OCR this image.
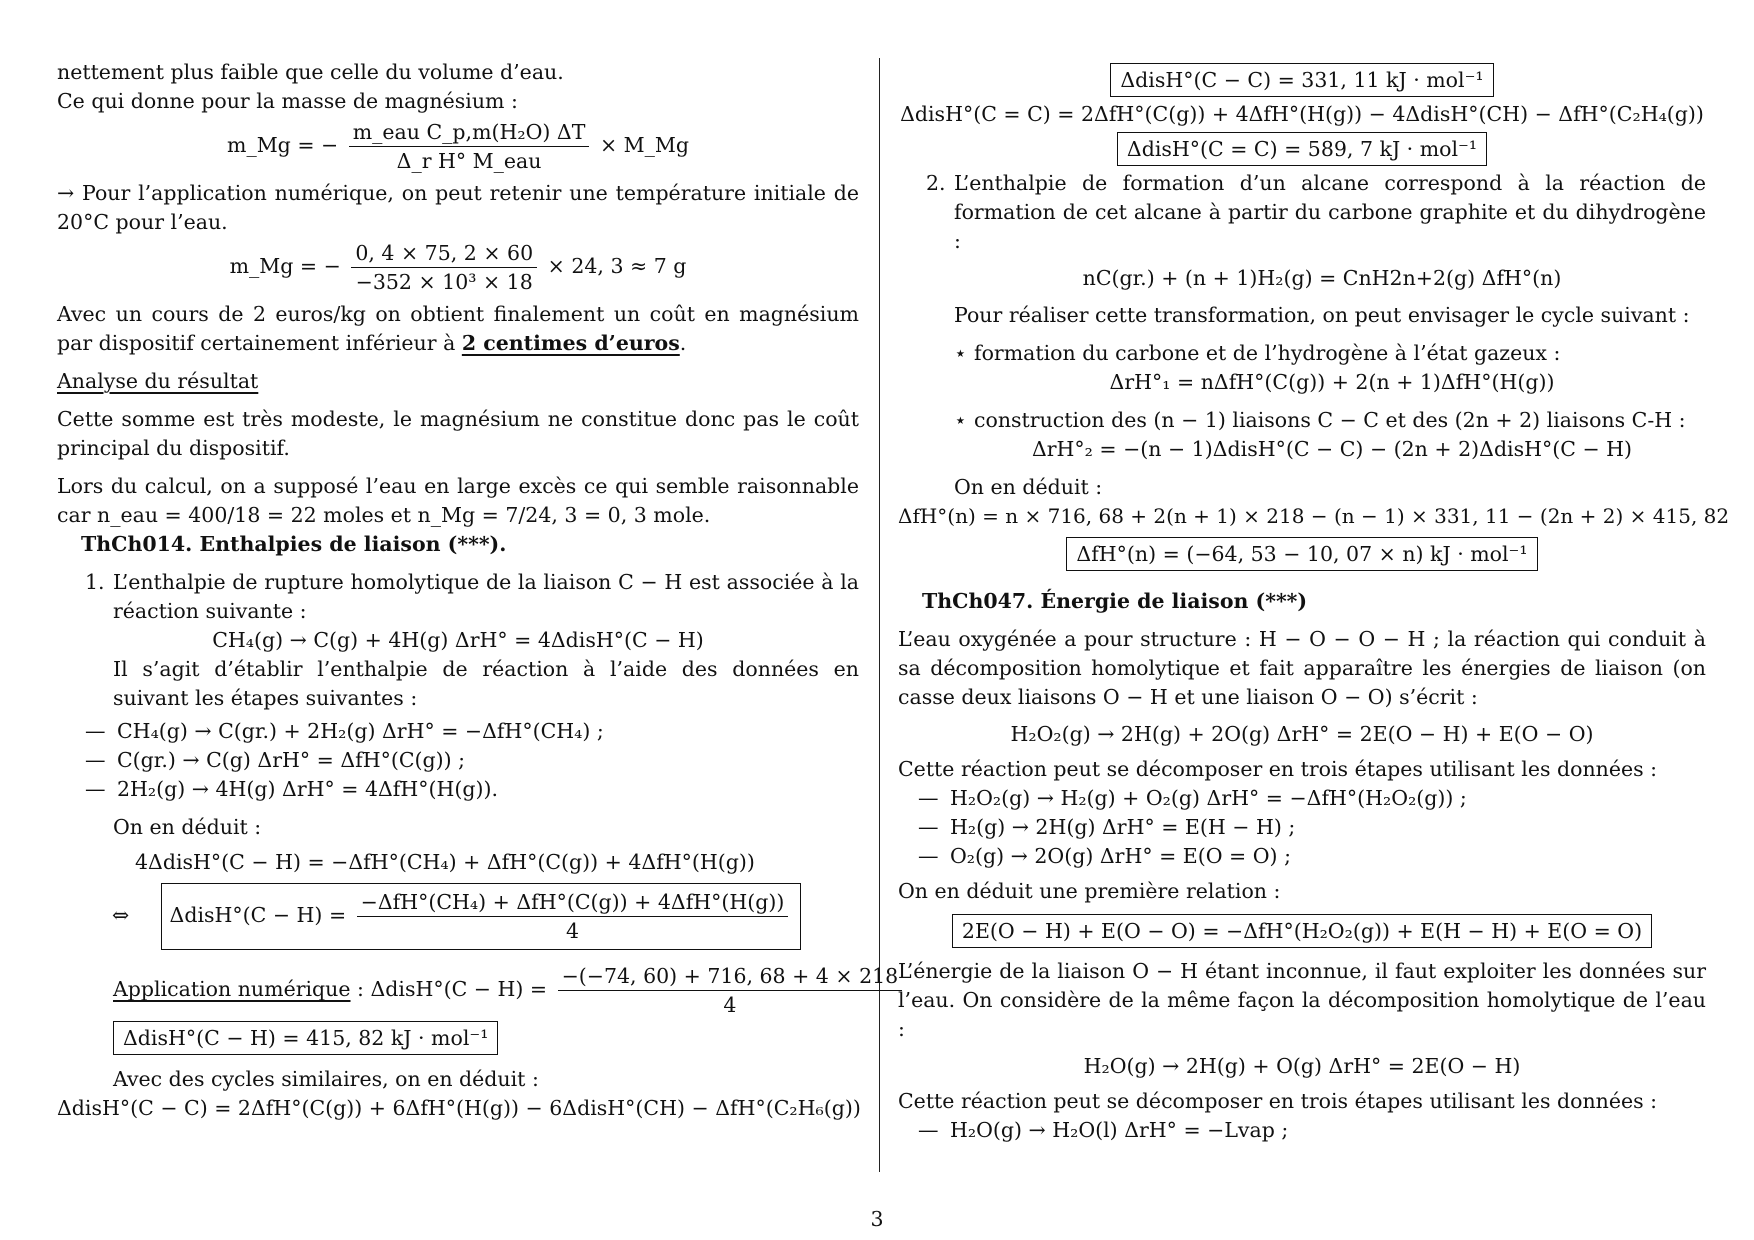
nettement plus faible que celle du volume d’eau.

Ce qui donne pour la masse de magnésium :

m_Mg = − $\frac{\text{m\_eau C\_p,m(H₂O) ΔT}}{\text{Δ\_r H° M\_eau}}$ × M_Mg

→ Pour l’application numérique, on peut retenir une température initiale de 20°C pour l’eau.

m_Mg = − $\frac{0, 4 \times 75, 2 \times 60}{\text{−352 × 10³ × 18}} \times 24$, 3 ≈ 7 g

Avec un cours de 2 euros/kg on obtient finalement un coût en magnésium par dispositif certainement inférieur à 2 centimes d’euros.

Analyse du résultat

Cette somme est très modeste, le magnésium ne constitue donc pas le coût principal du dispositif.

Lors du calcul, on a supposé l’eau en large excès ce qui semble raisonnable car n_eau = 400/18 = 22 moles et n_Mg = 7/24, 3 = 0, 3 mole.

ThCh014. Enthalpies de liaison (***).

1. L’enthalpie de rupture homolytique de la liaison C − H est associée à la réaction suivante :

CH₄(g) → C(g) + 4H(g) ΔrH° = 4ΔdisH°(C − H)

Il s’agit d’établir l’enthalpie de réaction à l’aide des données en suivant les étapes suivantes :

— CH₄(g) → C(gr.) + 2H₂(g) ΔrH° = −ΔfH°(CH₄) ;

— C(gr.) → C(g) ΔrH° = ΔfH°(C(g)) ;

— 2H₂(g) → 4H(g) ΔrH° = 4ΔfH°(H(g)).

On en déduit :

4ΔdisH°(C − H) = −ΔfH°(CH₄) + ΔfH°(C(g)) + 4ΔfH°(H(g))

⇔ ΔdisH°(C − $H) = \frac{\text{−ΔfH°(CH₄) + ΔfH°(C(g)) + 4ΔfH°(H(g))}}{4}$
Application numérique : ΔdisH°(C − $H) = \frac{-(-74, 60) + 716, 68 + 4 \times 218}{4}$
ΔdisH°(C − H) = 415, 82 kJ · mol⁻¹

Avec des cycles similaires, on en déduit :

ΔdisH°(C − C) = 2ΔfH°(C(g)) + 6ΔfH°(H(g)) − 6ΔdisH°(CH) − ΔfH°(C₂H₆(g))

ΔdisH°(C − C) = 331, 11 kJ · mol⁻¹

ΔdisH°(C = C) = 2ΔfH°(C(g)) + 4ΔfH°(H(g)) − 4ΔdisH°(CH) − ΔfH°(C₂H₄(g))

ΔdisH°(C = C) = 589, 7 kJ · mol⁻¹
2. L’enthalpie de formation d’un alcane correspond à la réaction de formation de cet alcane à partir du carbone graphite et du dihydrogène :

nC(gr.) + (n + 1)H₂(g) = CnH2n+2(g) ΔfH°(n)

Pour réaliser cette transformation, on peut envisager le cycle suivant :

⋆ formation du carbone et de l’hydrogène à l’état gazeux :

ΔrH°₁ = nΔfH°(C(g)) + 2(n + 1)ΔfH°(H(g))

⋆ construction des (n − 1) liaisons C − C et des (2n + 2) liaisons C-H :

ΔrH°₂ = −(n − 1)ΔdisH°(C − C) − (2n + 2)ΔdisH°(C − H)

On en déduit :

ΔfH°(n) = n × 716, 68 + 2(n + 1) × 218 − (n − 1) × 331, 11 − (2n + 2) × 415, 82

ΔfH°(n) = (−64, 53 − 10, 07 × n) kJ · mol⁻¹

ThCh047. Énergie de liaison (***)

L’eau oxygénée a pour structure : H − O − O − H ; la réaction qui conduit à sa décomposition homolytique et fait apparaître les énergies de liaison (on casse deux liaisons O − H et une liaison O − O) s’écrit :

H₂O₂(g) → 2H(g) + 2O(g) ΔrH° = 2E(O − H) + E(O − O)

Cette réaction peut se décomposer en trois étapes utilisant les données :

— H₂O₂(g) → H₂(g) + O₂(g) ΔrH° = −ΔfH°(H₂O₂(g)) ;

— H₂(g) → 2H(g) ΔrH° = E(H − H) ;

— O₂(g) → 2O(g) ΔrH° = E(O = O) ;

On en déduit une première relation :

2E(O − H) + E(O − O) = −ΔfH°(H₂O₂(g)) + E(H − H) + E(O = O)

L’énergie de la liaison O − H étant inconnue, il faut exploiter les données sur l’eau. On considère de la même façon la décomposition homolytique de l’eau :

H₂O(g) → 2H(g) + O(g) ΔrH° = 2E(O − H)

Cette réaction peut se décomposer en trois étapes utilisant les données :

— H₂O(g) → H₂O(l) ΔrH° = −Lvap ;

3
